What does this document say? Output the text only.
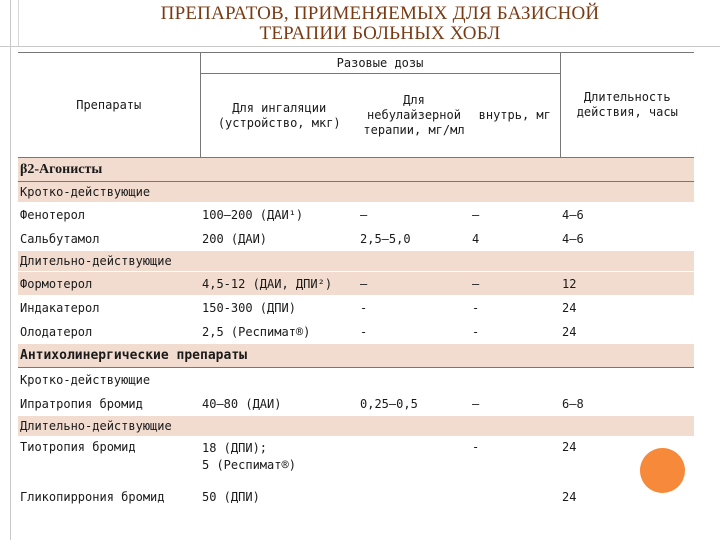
ПРЕПАРАТОВ, ПРИМЕНЯЕМЫХ ДЛЯ БАЗИСНОЙ
ТЕРАПИИ БОЛЬНЫХ ХОБЛ
Препараты	Разовые дозы			Длительность действия, часы
	Для ингаляции (устройство, мкг)	Для небулайзерной терапии, мг/мл	внутрь, мг	
β2-Агонисты				
Кротко-действующие				
Фенотерол	100–200 (ДАИ¹)	—	—	4–6
Сальбутамол	200 (ДАИ)	2,5–5,0	4	4–6
Длительно-действующие				
Формотерол	4,5-12 (ДАИ, ДПИ²)	—	—	12
Индакатерол	150-300 (ДПИ)	-	-	24
Олодатерол	2,5 (Респимат®)	-	-	24
Антихолинергические препараты				
Кротко-действующие				
Ипратропия бромид	40–80 (ДАИ)	0,25–0,5	—	6–8
Длительно-действующие				
Тиотропия бромид	18 (ДПИ);
5 (Респимат®)		-	24
Гликопиррония бромид	50 (ДПИ)			24
